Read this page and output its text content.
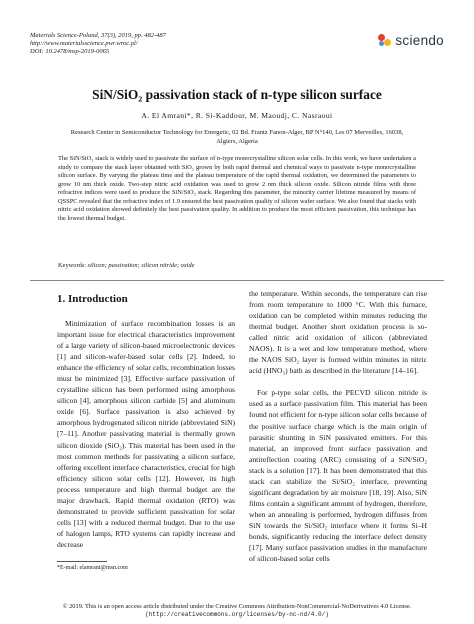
Materials Science-Poland, 37(3), 2019, pp. 482-487
http://www.materialsscience.pwr.wroc.pl/
DOI: 10.2478/msp-2019-0065
sciendo
SiN/SiO₂ passivation stack of n-type silicon surface
A. El Amrani*, R. Si-Kaddour, M. Maoudj, C. Nasraoui
Research Center in Semiconductor Technology for Energetic, 02 Bd. Frantz Fanon-Alger, BP N°140, Les 07 Merveilles, 16038, Algiers, Algeria
The SiN/SiO₂ stack is widely used to passivate the surface of n-type monocrystalline silicon solar cells. In this work, we have undertaken a study to compare the stack layer obtained with SiO₂ grown by both rapid thermal and chemical ways to passivate n-type monocrystalline silicon surface. By varying the plateau time and the plateau temperature of the rapid thermal oxidation, we determined the parameters to grow 10 nm thick oxide. Two-step nitric acid oxidation was used to grow 2 nm thick silicon oxide. Silicon nitride films with three refractive indices were used to produce the SiN/SiO₂ stack. Regarding this parameter, the minority carrier lifetime measured by means of QSSPC revealed that the refractive index of 1.9 ensured the best passivation quality of silicon wafer surface. We also found that stacks with nitric acid oxidation showed definitely the best passivation quality. In addition to produce the most efficient passivation, this technique has the lowest thermal budget.
Keywords: silicon; passivation; silicon nitride; oxide
1. Introduction

Minimization of surface recombination losses is an important issue for electrical characteristics improvement of a large variety of silicon-based microelectronic devices [1] and silicon-wafer-based solar cells [2]. Indeed, to enhance the efficiency of solar cells, recombination losses must be minimized [3]. Effective surface passivation of crystalline silicon has been performed using amorphous silicon [4], amorphous silicon carbide [5] and aluminum oxide [6]. Surface passivation is also achieved by amorphous hydrogenated silicon nitride (abbreviated SiN) [7–11]. Another passivating material is thermally grown silicon dioxide (SiO₂). This material has been used in the most common methods for passivating a silicon surface, offering excellent interface characteristics, crucial for high efficiency silicon solar cells [12]. However, its high process temperature and high thermal budget are the major drawback. Rapid thermal oxidation (RTO) was demonstrated to provide sufficient passivation for solar cells [13] with a reduced thermal budget. Due to the use of halogen lamps, RTO systems can rapidly increase and decrease

the temperature. Within seconds, the temperature can rise from room temperature to 1000 °C. With this furnace, oxidation can be completed within minutes reducing the thermal budget. Another short oxidation process is so-called nitric acid oxidation of silicon (abbreviated NAOS). It is a wet and low temperature method, where the NAOS SiO₂ layer is formed within minutes in nitric acid (HNO₃) bath as described in the literature [14–16].

For p-type solar cells, the PECVD silicon nitride is used as a surface passivation film. This material has been found not efficient for n-type silicon solar cells because of the positive surface charge which is the main origin of parasitic shunting in SiN passivated emitters. For this material, an improved front surface passivation and antireflection coating (ARC) consisting of a SiN/SiO₂ stack is a solution [17]. It has been demonstrated that this stack can stabilize the Si/SiO₂ interface, preventing significant degradation by air moisture [18, 19]. Also, SiN films contain a significant amount of hydrogen, therefore, when an annealing is performed, hydrogen diffuses from SiN towards the Si/SiO₂ interface where it forms Si–H bonds, significantly reducing the interface defect density [17]. Many surface passivation studies in the manufacture of silicon-based solar cells

*E-mail: elamrani@msn.com
© 2019. This is an open access article distributed under the Creative Commons Attribution-NonCommercial-NoDerivatives 4.0 License.
(http://creativecommons.org/licenses/by-nc-nd/4.0/)
